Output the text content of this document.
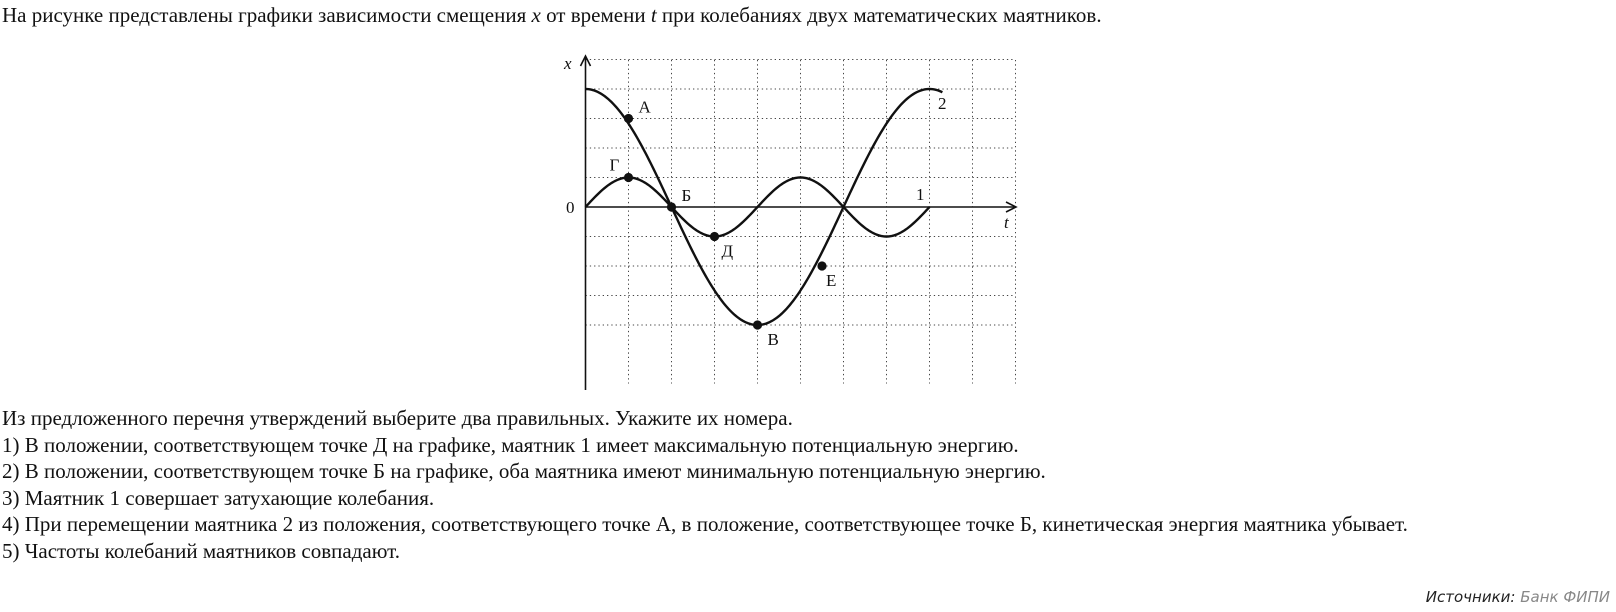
На рисунке представлены графики зависимости смещения x от времени t при колебаниях двух математических маятников.
x
t
0
1
2
А
Б
В
Г
Д
Е
Из предложенного перечня утверждений выберите два правильных. Укажите их номера.
1) В положении, соответствующем точке Д на графике, маятник 1 имеет максимальную потенциальную энергию.
2) В положении, соответствующем точке Б на графике, оба маятника имеют минимальную потенциальную энергию.
3) Маятник 1 совершает затухающие колебания.
4) При перемещении маятника 2 из положения, соответствующего точке А, в положение, соответствующее точке Б, кинетическая энергия маятника убывает.
5) Частоты колебаний маятников совпадают.
Источники: Банк ФИПИ
